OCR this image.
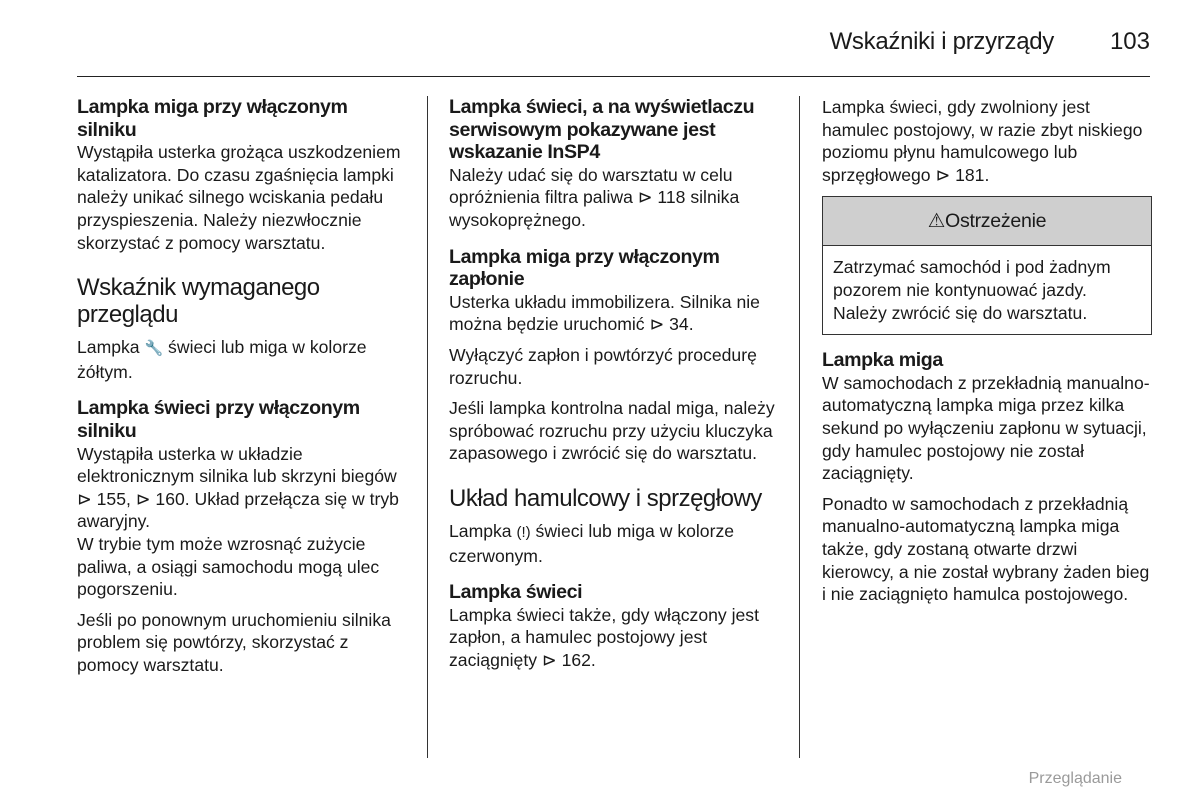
Wskaźniki i przyrządy 103
Lampka miga przy włączonym silniku

Wystąpiła usterka grożąca uszkodzeniem katalizatora. Do czasu zgaśnięcia lampki należy unikać silnego wciskania pedału przyspieszenia. Należy niezwłocznie skorzystać z pomocy warsztatu.

Wskaźnik wymaganego przeglądu

Lampka 🔧 świeci lub miga w kolorze żółtym.

Lampka świeci przy włączonym silniku

Wystąpiła usterka w układzie elektronicznym silnika lub skrzyni biegów ⊳ 155, ⊳ 160. Układ przełącza się w tryb awaryjny.

W trybie tym może wzrosnąć zużycie paliwa, a osiągi samochodu mogą ulec pogorszeniu.

Jeśli po ponownym uruchomieniu silnika problem się powtórzy, skorzystać z pomocy warsztatu.

Lampka świeci, a na wyświetlaczu serwisowym pokazywane jest wskazanie InSP4

Należy udać się do warsztatu w celu opróżnienia filtra paliwa ⊳ 118 silnika wysokoprężnego.

Lampka miga przy włączonym zapłonie

Usterka układu immobilizera. Silnika nie można będzie uruchomić ⊳ 34.

Wyłączyć zapłon i powtórzyć procedurę rozruchu.

Jeśli lampka kontrolna nadal miga, należy spróbować rozruchu przy użyciu kluczyka zapasowego i zwrócić się do warsztatu.

Układ hamulcowy i sprzęgłowy

Lampka (!) świeci lub miga w kolorze czerwonym.

Lampka świeci

Lampka świeci także, gdy włączony jest zapłon, a hamulec postojowy jest zaciągnięty ⊳ 162.

Lampka świeci, gdy zwolniony jest hamulec postojowy, w razie zbyt niskiego poziomu płynu hamulcowego lub sprzęgłowego ⊳ 181.

⚠ Ostrzeżenie

Zatrzymać samochód i pod żadnym pozorem nie kontynuować jazdy. Należy zwrócić się do warsztatu.

Lampka miga

W samochodach z przekładnią manualno-automatyczną lampka miga przez kilka sekund po wyłączeniu zapłonu w sytuacji, gdy hamulec postojowy nie został zaciągnięty.

Ponadto w samochodach z przekładnią manualno-automatyczną lampka miga także, gdy zostaną otwarte drzwi kierowcy, a nie został wybrany żaden bieg i nie zaciągnięto hamulca postojowego.

Przeglądanie
